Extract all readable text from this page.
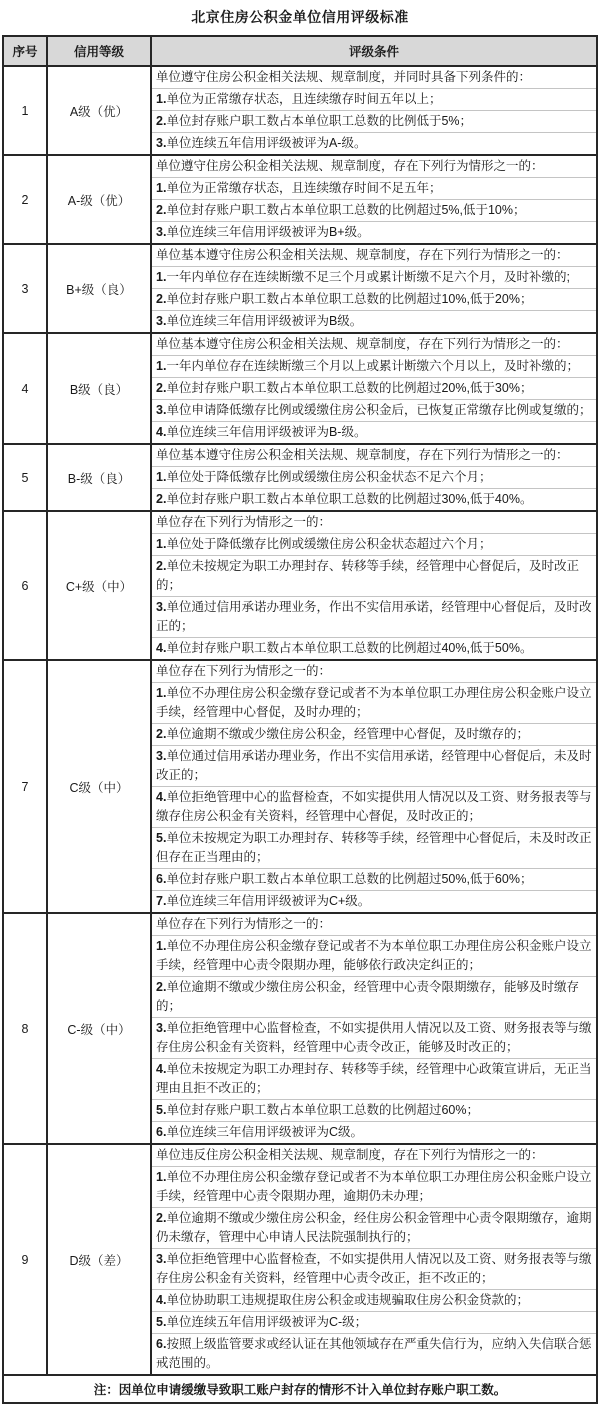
北京住房公积金单位信用评级标准
序号	信用等级	评级条件
1	A级（优）	单位遵守住房公积金相关法规、规章制度，并同时具备下列条件的：
1.单位为正常缴存状态，且连续缴存时间五年以上；
2.单位封存账户职工数占本单位职工总数的比例低于5%；
3.单位连续五年信用评级被评为A-级。

2	A-级（优）	单位遵守住房公积金相关法规、规章制度，存在下列行为情形之一的：
1.单位为正常缴存状态，且连续缴存时间不足五年；
2.单位封存账户职工数占本单位职工总数的比例超过5%,低于10%；
3.单位连续三年信用评级被评为B+级。

3	B+级（良）	单位基本遵守住房公积金相关法规、规章制度，存在下列行为情形之一的：
1.一年内单位存在连续断缴不足三个月或累计断缴不足六个月，及时补缴的;
2.单位封存账户职工数占本单位职工总数的比例超过10%,低于20%；
3.单位连续三年信用评级被评为B级。

4	B级（良）	单位基本遵守住房公积金相关法规、规章制度，存在下列行为情形之一的：
1.一年内单位存在连续断缴三个月以上或累计断缴六个月以上，及时补缴的；
2.单位封存账户职工数占本单位职工总数的比例超过20%,低于30%；
3.单位申请降低缴存比例或缓缴住房公积金后，已恢复正常缴存比例或复缴的；
4.单位连续三年信用评级被评为B-级。

5	B-级（良）	单位基本遵守住房公积金相关法规、规章制度，存在下列行为情形之一的：
1.单位处于降低缴存比例或缓缴住房公积金状态不足六个月；
2.单位封存账户职工数占本单位职工总数的比例超过30%,低于40%。

6	C+级（中）	单位存在下列行为情形之一的：
1.单位处于降低缴存比例或缓缴住房公积金状态超过六个月；
2.单位未按规定为职工办理封存、转移等手续，经管理中心督促后，及时改正的；
3.单位通过信用承诺办理业务，作出不实信用承诺，经管理中心督促后，及时改正的；
4.单位封存账户职工数占本单位职工总数的比例超过40%,低于50%。

7	C级（中）	
单位存在下列行为情形之一的：
1.单位不办理住房公积金缴存登记或者不为本单位职工办理住房公积金账户设立手续，经管理中心督促，及时办理的；
2.单位逾期不缴或少缴住房公积金，经管理中心督促，及时缴存的；
3.单位通过信用承诺办理业务，作出不实信用承诺，经管理中心督促后，未及时改正的；
4.单位拒绝管理中心的监督检查，不如实提供用人情况以及工资、财务报表等与缴存住房公积金有关资料，经管理中心督促，及时改正的；
5.单位未按规定为职工办理封存、转移等手续，经管理中心督促后，未及时改正但存在正当理由的；
6.单位封存账户职工数占本单位职工总数的比例超过50%,低于60%；
7.单位连续三年信用评级被评为C+级。

8	C-级（中）	
单位存在下列行为情形之一的：
1.单位不办理住房公积金缴存登记或者不为本单位职工办理住房公积金账户设立手续，经管理中心责令限期办理，能够依行政决定纠正的；
2.单位逾期不缴或少缴住房公积金，经管理中心责令限期缴存，能够及时缴存的；
3.单位拒绝管理中心监督检查，不如实提供用人情况以及工资、财务报表等与缴存住房公积金有关资料，经管理中心责令改正，能够及时改正的；
4.单位未按规定为职工办理封存、转移等手续，经管理中心政策宣讲后，无正当理由且拒不改正的；
5.单位封存账户职工数占本单位职工总数的比例超过60%；
6.单位连续三年信用评级被评为C级。

9	D级（差）	
单位违反住房公积金相关法规、规章制度，存在下列行为情形之一的：
1.单位不办理住房公积金缴存登记或者不为本单位职工办理住房公积金账户设立手续，经管理中心责令限期办理，逾期仍未办理；
2.单位逾期不缴或少缴住房公积金，经住房公积金管理中心责令限期缴存，逾期仍未缴存，管理中心申请人民法院强制执行的；
3.单位拒绝管理中心监督检查，不如实提供用人情况以及工资、财务报表等与缴存住房公积金有关资料，经管理中心责令改正，拒不改正的；
4.单位协助职工违规提取住房公积金或违规骗取住房公积金贷款的；
5.单位连续五年信用评级被评为C-级；
6.按照上级监管要求或经认证在其他领域存在严重失信行为，应纳入失信联合惩戒范围的。

注：因单位申请缓缴导致职工账户封存的情形不计入单位封存账户职工数。		
